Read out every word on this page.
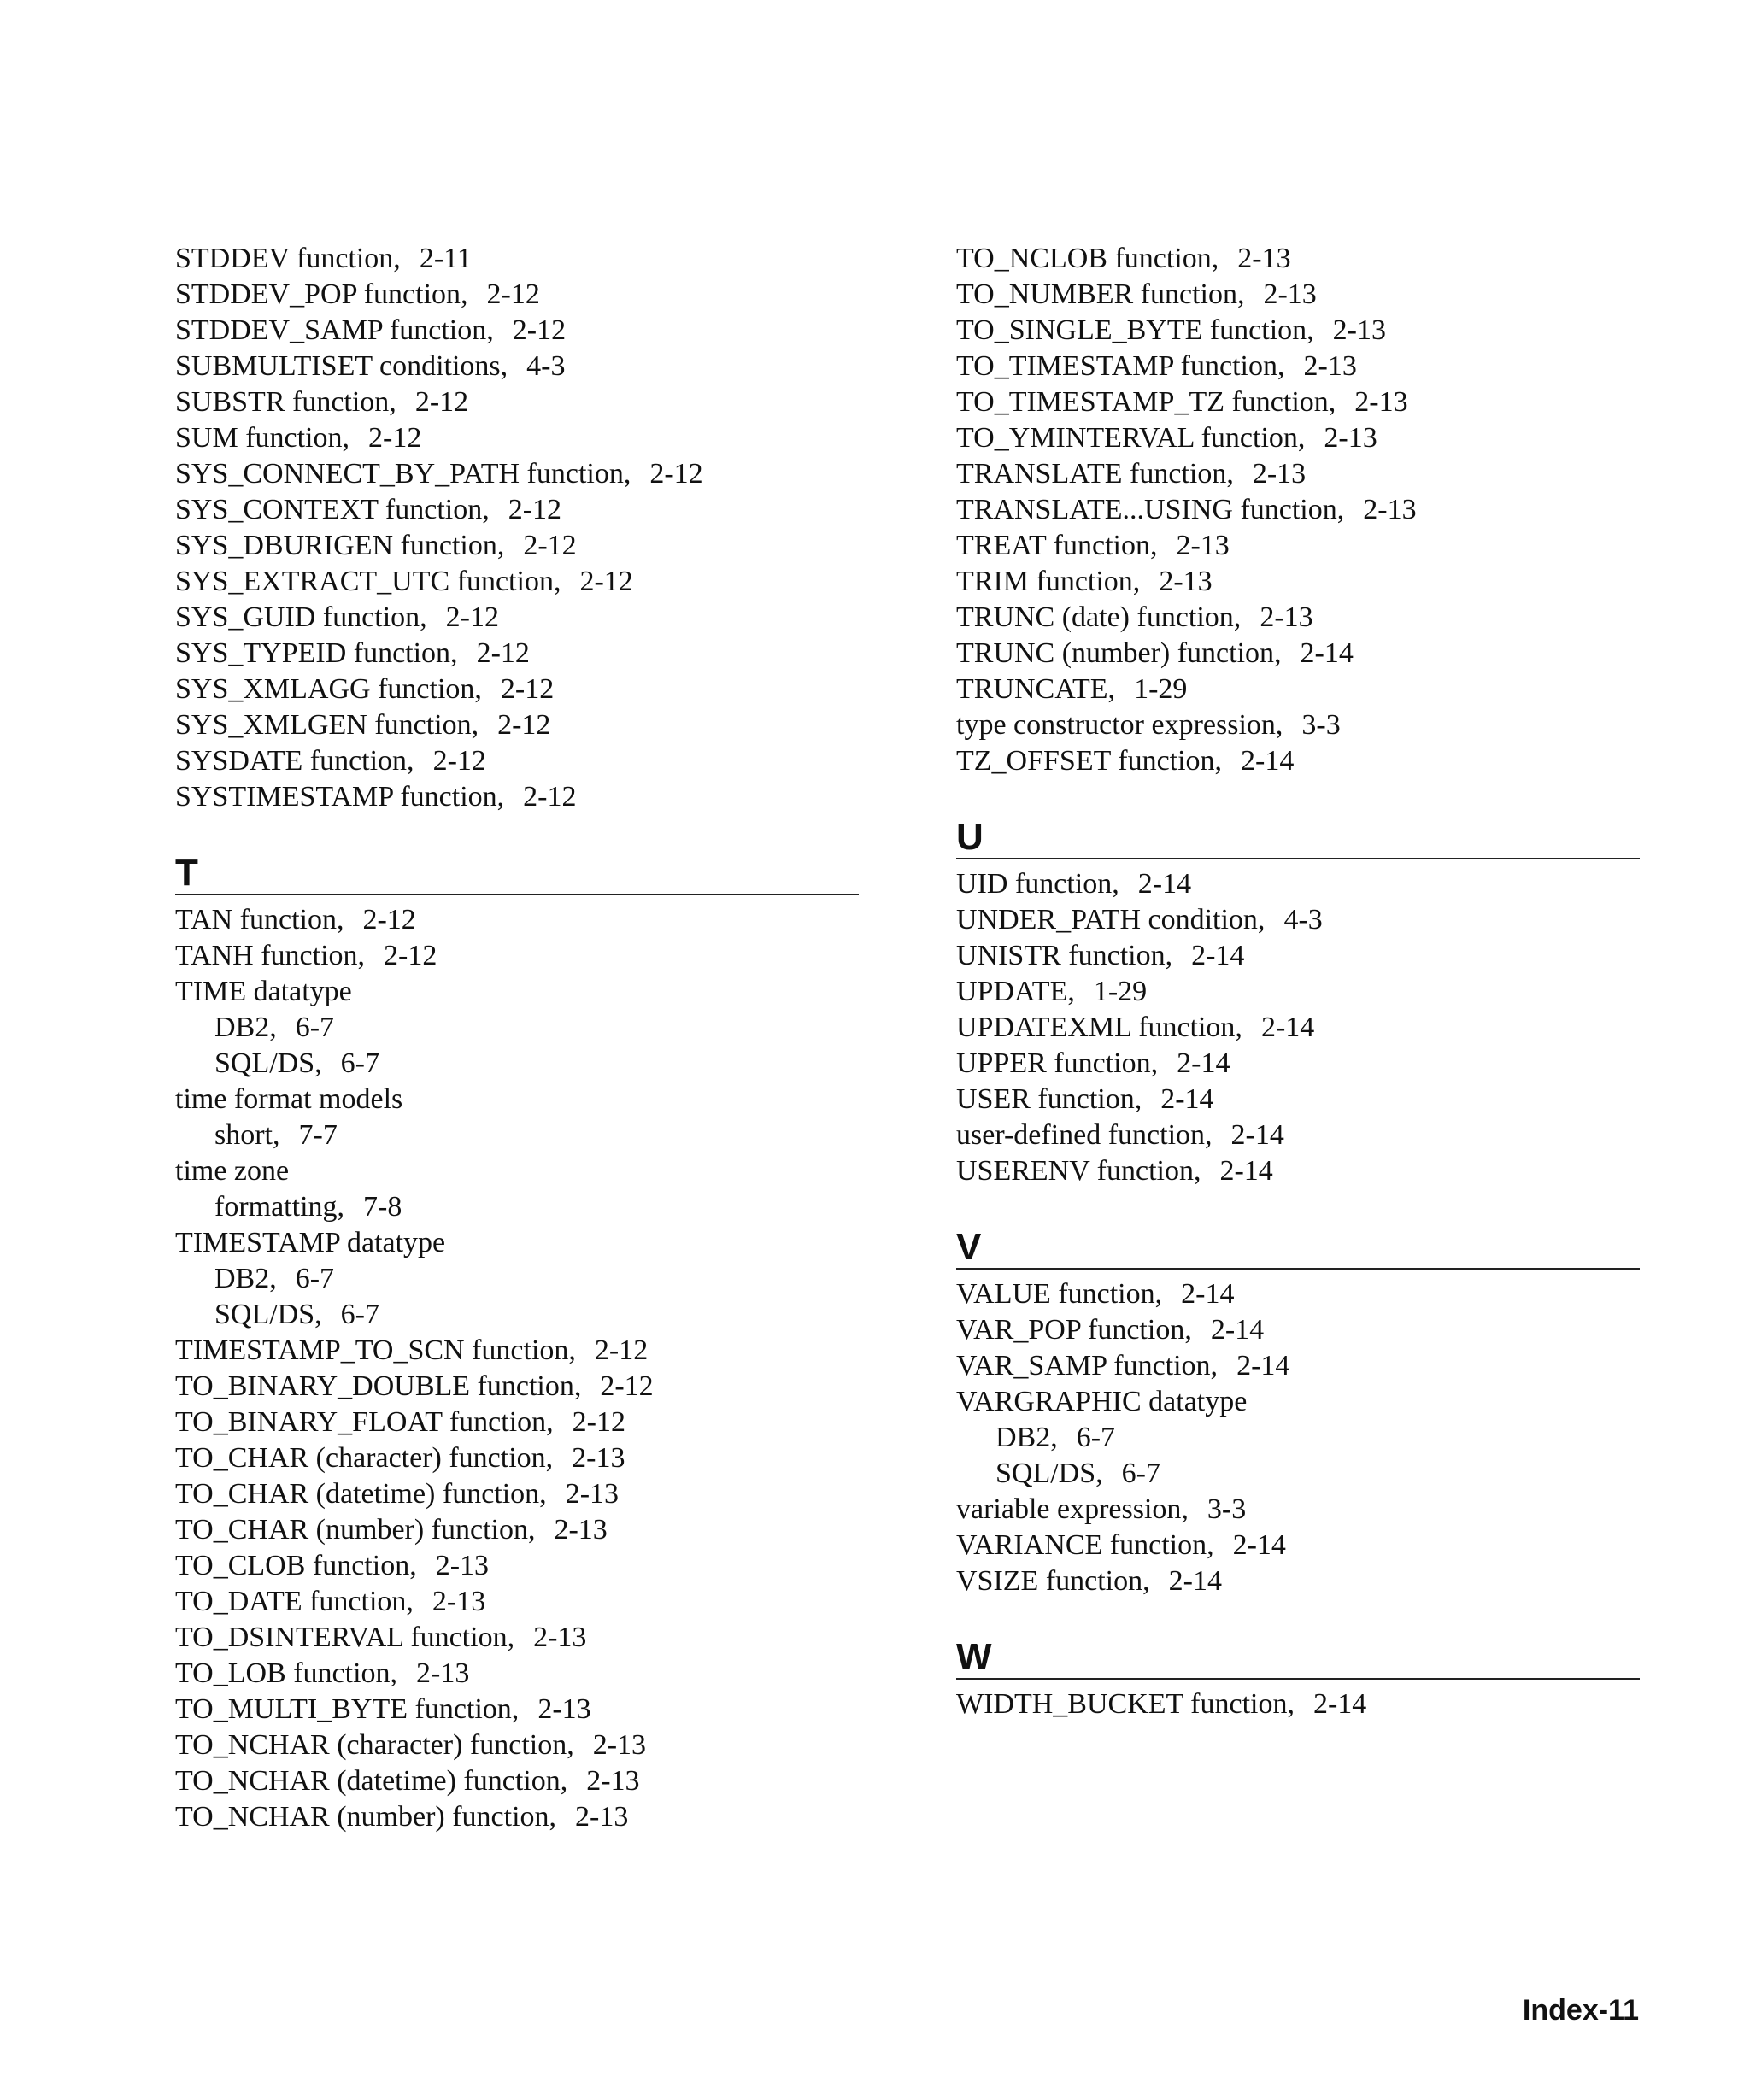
STDDEV function, 2-11
STDDEV_POP function, 2-12
STDDEV_SAMP function, 2-12
SUBMULTISET conditions, 4-3
SUBSTR function, 2-12
SUM function, 2-12
SYS_CONNECT_BY_PATH function, 2-12
SYS_CONTEXT function, 2-12
SYS_DBURIGEN function, 2-12
SYS_EXTRACT_UTC function, 2-12
SYS_GUID function, 2-12
SYS_TYPEID function, 2-12
SYS_XMLAGG function, 2-12
SYS_XMLGEN function, 2-12
SYSDATE function, 2-12
SYSTIMESTAMP function, 2-12
T
TAN function, 2-12
TANH function, 2-12
TIME datatype
DB2, 6-7
SQL/DS, 6-7
time format models
short, 7-7
time zone
formatting, 7-8
TIMESTAMP datatype
DB2, 6-7
SQL/DS, 6-7
TIMESTAMP_TO_SCN function, 2-12
TO_BINARY_DOUBLE function, 2-12
TO_BINARY_FLOAT function, 2-12
TO_CHAR (character) function, 2-13
TO_CHAR (datetime) function, 2-13
TO_CHAR (number) function, 2-13
TO_CLOB function, 2-13
TO_DATE function, 2-13
TO_DSINTERVAL function, 2-13
TO_LOB function, 2-13
TO_MULTI_BYTE function, 2-13
TO_NCHAR (character) function, 2-13
TO_NCHAR (datetime) function, 2-13
TO_NCHAR (number) function, 2-13
TO_NCLOB function, 2-13
TO_NUMBER function, 2-13
TO_SINGLE_BYTE function, 2-13
TO_TIMESTAMP function, 2-13
TO_TIMESTAMP_TZ function, 2-13
TO_YMINTERVAL function, 2-13
TRANSLATE function, 2-13
TRANSLATE...USING function, 2-13
TREAT function, 2-13
TRIM function, 2-13
TRUNC (date) function, 2-13
TRUNC (number) function, 2-14
TRUNCATE, 1-29
type constructor expression, 3-3
TZ_OFFSET function, 2-14
U
UID function, 2-14
UNDER_PATH condition, 4-3
UNISTR function, 2-14
UPDATE, 1-29
UPDATEXML function, 2-14
UPPER function, 2-14
USER function, 2-14
user-defined function, 2-14
USERENV function, 2-14
V
VALUE function, 2-14
VAR_POP function, 2-14
VAR_SAMP function, 2-14
VARGRAPHIC datatype
DB2, 6-7
SQL/DS, 6-7
variable expression, 3-3
VARIANCE function, 2-14
VSIZE function, 2-14
W
WIDTH_BUCKET function, 2-14
Index-11
